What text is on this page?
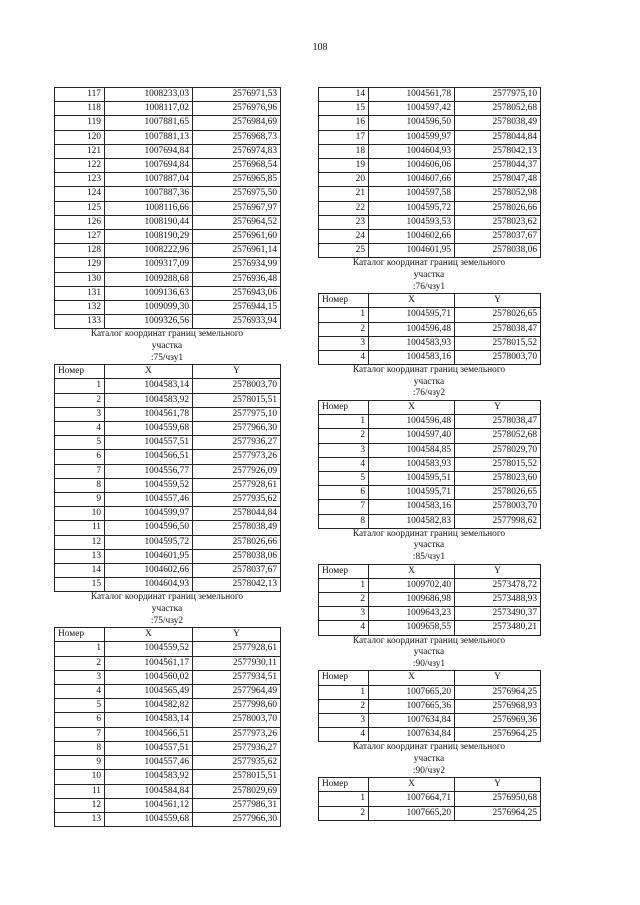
108
117	1008233,03	2576971,53
118	1008117,02	2576976,96
119	1007881,65	2576984,69
120	1007881,13	2576968,73
121	1007694,84	2576974,83
122	1007694,84	2576968,54
123	1007887,04	2576965,85
124	1007887,36	2576975,50
125	1008116,66	2576967,97
126	1008190,44	2576964,52
127	1008190,29	2576961,60
128	1008222,96	2576961,14
129	1009317,09	2576934,99
130	1009288,68	2576936,48
131	1009136,63	2576943,06
132	1009099,30	2576944,15
133	1009326,56	2576933,94
Каталог координат границ земельного
участка
:75/чзу1
Номер	X	Y
1	1004583,14	2578003,70
2	1004583,92	2578015,51
3	1004561,78	2577975,10
4	1004559,68	2577966,30
5	1004557,51	2577936,27
6	1004566,51	2577973,26
7	1004556,77	2577926,09
8	1004559,52	2577928,61
9	1004557,46	2577935,62
10	1004599,97	2578044,84
11	1004596,50	2578038,49
12	1004595,72	2578026,66
13	1004601,95	2578038,06
14	1004602,66	2578037,67
15	1004604,93	2578042,13
Каталог координат границ земельного
участка
:75/чзу2
Номер	X	Y
1	1004559,52	2577928,61
2	1004561,17	2577930,11
3	1004560,02	2577934,51
4	1004565,49	2577964,49
5	1004582,82	2577998,60
6	1004583,14	2578003,70
7	1004566,51	2577973,26
8	1004557,51	2577936,27
9	1004557,46	2577935,62
10	1004583,92	2578015,51
11	1004584,84	2578029,69
12	1004561,12	2577986,31
13	1004559,68	2577966,30
14	1004561,78	2577975,10
15	1004597,42	2578052,68
16	1004596,50	2578038,49
17	1004599,97	2578044,84
18	1004604,93	2578042,13
19	1004606,06	2578044,37
20	1004607,66	2578047,48
21	1004597,58	2578052,98
22	1004595,72	2578026,66
23	1004593,53	2578023,62
24	1004602,66	2578037,67
25	1004601,95	2578038,06
Каталог координат границ земельного
участка
:76/чзу1
Номер	X	Y
1	1004595,71	2578026,65
2	1004596,48	2578038,47
3	1004583,93	2578015,52
4	1004583,16	2578003,70
Каталог координат границ земельного
участка
:76/чзу2
Номер	X	Y
1	1004596,48	2578038,47
2	1004597,40	2578052,68
3	1004584,85	2578029,70
4	1004583,93	2578015,52
5	1004595,51	2578023,60
6	1004595,71	2578026,65
7	1004583,16	2578003,70
8	1004582,83	2577998,62
Каталог координат границ земельного
участка
:85/чзу1
Номер	X	Y
1	1009702,40	2573478,72
2	1009686,98	2573488,93
3	1009643,23	2573490,37
4	1009658,55	2573480,21
Каталог координат границ земельного
участка
:90/чзу1
Номер	X	Y
1	1007665,20	2576964,25
2	1007665,36	2576968,93
3	1007634,84	2576969,36
4	1007634,84	2576964,25
Каталог координат границ земельного
участка
:90/чзу2
Номер	X	Y
1	1007664,71	2576950,68
2	1007665,20	2576964,25
